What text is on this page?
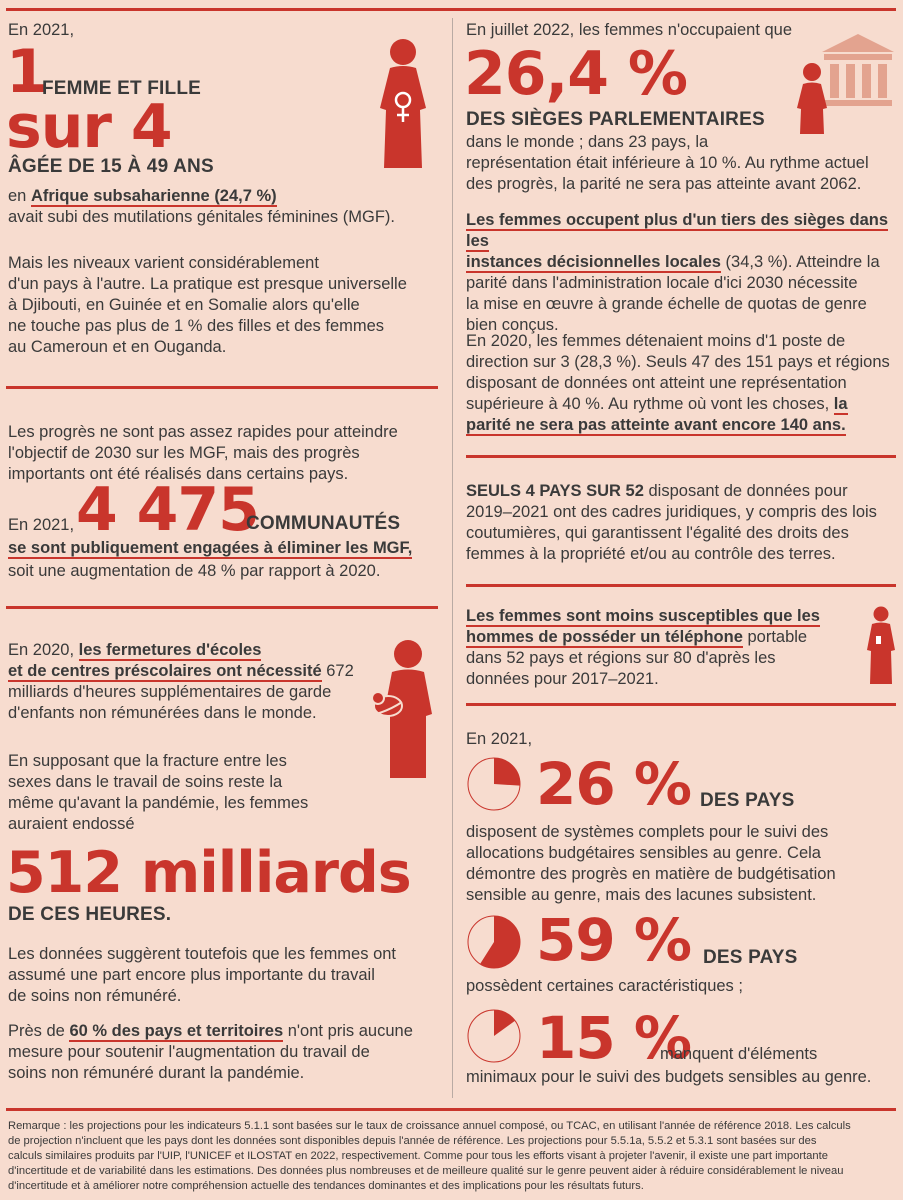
En 2021,
1
FEMME ET FILLE
sur 4
ÂGÉE DE 15 À 49 ANS
en Afrique subsaharienne (24,7 %)
avait subi des mutilations génitales féminines (MGF).

Mais les niveaux varient considérablement

d'un pays à l'autre. La pratique est presque universelle

à Djibouti, en Guinée et en Somalie alors qu'elle

ne touche pas plus de 1 % des filles et des femmes

au Cameroun et en Ouganda.

Les progrès ne sont pas assez rapides pour atteindre

l'objectif de 2030 sur les MGF, mais des progrès

importants ont été réalisés dans certains pays.

En 2021, 4 475
COMMUNAUTÉS
se sont publiquement engagées à éliminer les MGF,
soit une augmentation de 48 % par rapport à 2020.

En 2020, les fermetures d'écoles

et de centres préscolaires ont nécessité 672

milliards d'heures supplémentaires de garde

d'enfants non rémunérées dans le monde.

En supposant que la fracture entre les

sexes dans le travail de soins reste la

même qu'avant la pandémie, les femmes

auraient endossé

512 milliards
DE CES HEURES.

Les données suggèrent toutefois que les femmes ont

assumé une part encore plus importante du travail

de soins non rémunéré.

Près de 60 % des pays et territoires n'ont pris aucune

mesure pour soutenir l'augmentation du travail de

soins non rémunéré durant la pandémie.

En juillet 2022, les femmes n'occupaient que
26,4 %
DES SIÈGES PARLEMENTAIRES

dans le monde ; dans 23 pays, la

représentation était inférieure à 10 %. Au rythme actuel

des progrès, la parité ne sera pas atteinte avant 2062.

Les femmes occupent plus d'un tiers des sièges dans les

instances décisionnelles locales (34,3 %). Atteindre la

parité dans l'administration locale d'ici 2030 nécessite

la mise en œuvre à grande échelle de quotas de genre

bien conçus.

En 2020, les femmes détenaient moins d'1 poste de

direction sur 3 (28,3 %). Seuls 47 des 151 pays et régions

disposant de données ont atteint une représentation

supérieure à 40 %. Au rythme où vont les choses, la

parité ne sera pas atteinte avant encore 140 ans.

SEULS 4 PAYS SUR 52 disposant de données pour

2019–2021 ont des cadres juridiques, y compris des lois

coutumières, qui garantissent l'égalité des droits des

femmes à la propriété et/ou au contrôle des terres.

Les femmes sont moins susceptibles que les

hommes de posséder un téléphone portable

dans 52 pays et régions sur 80 d'après les

données pour 2017–2021.

En 2021,
26 % DES PAYS

disposent de systèmes complets pour le suivi des

allocations budgétaires sensibles au genre. Cela

démontre des progrès en matière de budgétisation

sensible au genre, mais des lacunes subsistent.

59 % DES PAYS
possèdent certaines caractéristiques ;
15 %
manquent d'éléments
minimaux pour le suivi des budgets sensibles au genre.

Remarque : les projections pour les indicateurs 5.1.1 sont basées sur le taux de croissance annuel composé, ou TCAC, en utilisant l'année de référence 2018. Les calculs

de projection n'incluent que les pays dont les données sont disponibles depuis l'année de référence. Les projections pour 5.5.1a, 5.5.2 et 5.3.1 sont basées sur des

calculs similaires produits par l'UIP, l'UNICEF et ILOSTAT en 2022, respectivement. Comme pour tous les efforts visant à projeter l'avenir, il existe une part importante

d'incertitude et de variabilité dans les estimations. Des données plus nombreuses et de meilleure qualité sur le genre peuvent aider à réduire considérablement le niveau

d'incertitude et à améliorer notre compréhension actuelle des tendances dominantes et des implications pour les résultats futurs.
